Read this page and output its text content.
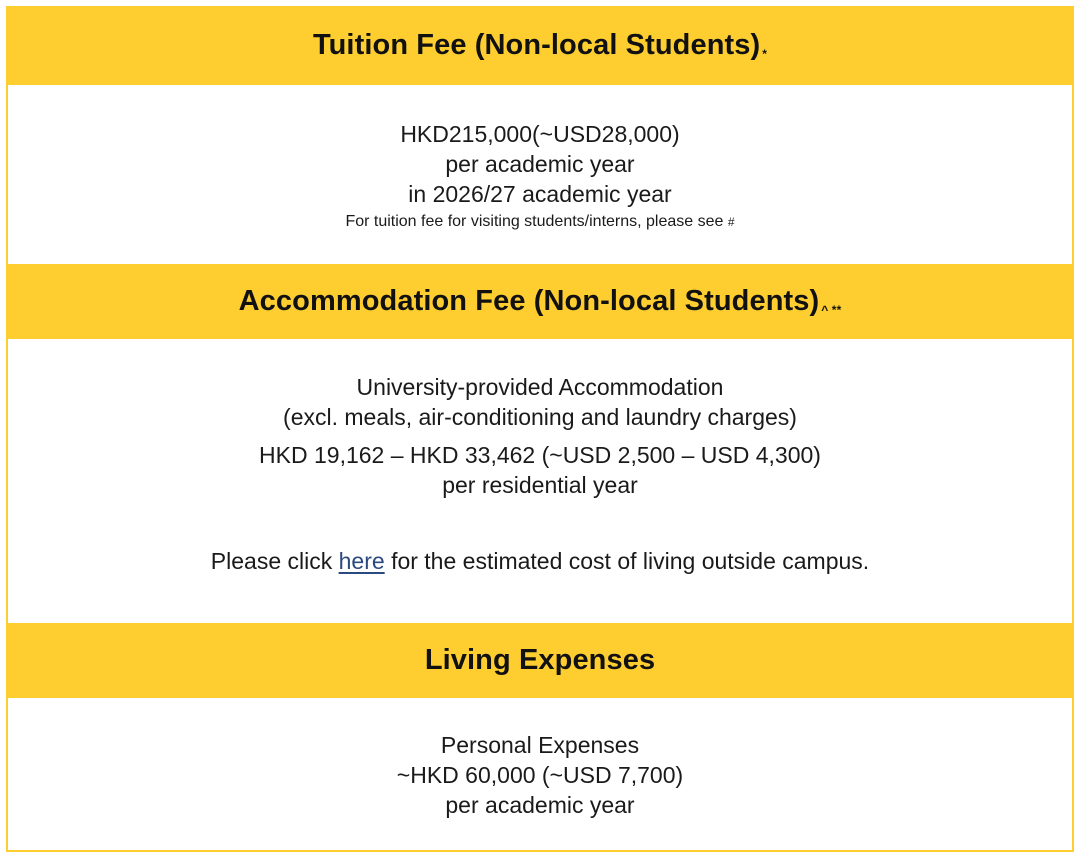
Tuition Fee (Non-local Students) *

HKD215,000(~USD28,000)

per academic year

in 2026/27 academic year

For tuition fee for visiting students/interns, please see #

Accommodation Fee (Non-local Students) ^ **

University-provided Accommodation

(excl. meals, air-conditioning and laundry charges)

HKD 19,162 – HKD 33,462 (~USD 2,500 – USD 4,300)

per residential year

Please click here for the estimated cost of living outside campus.

Living Expenses

Personal Expenses

~HKD 60,000 (~USD 7,700)

per academic year
